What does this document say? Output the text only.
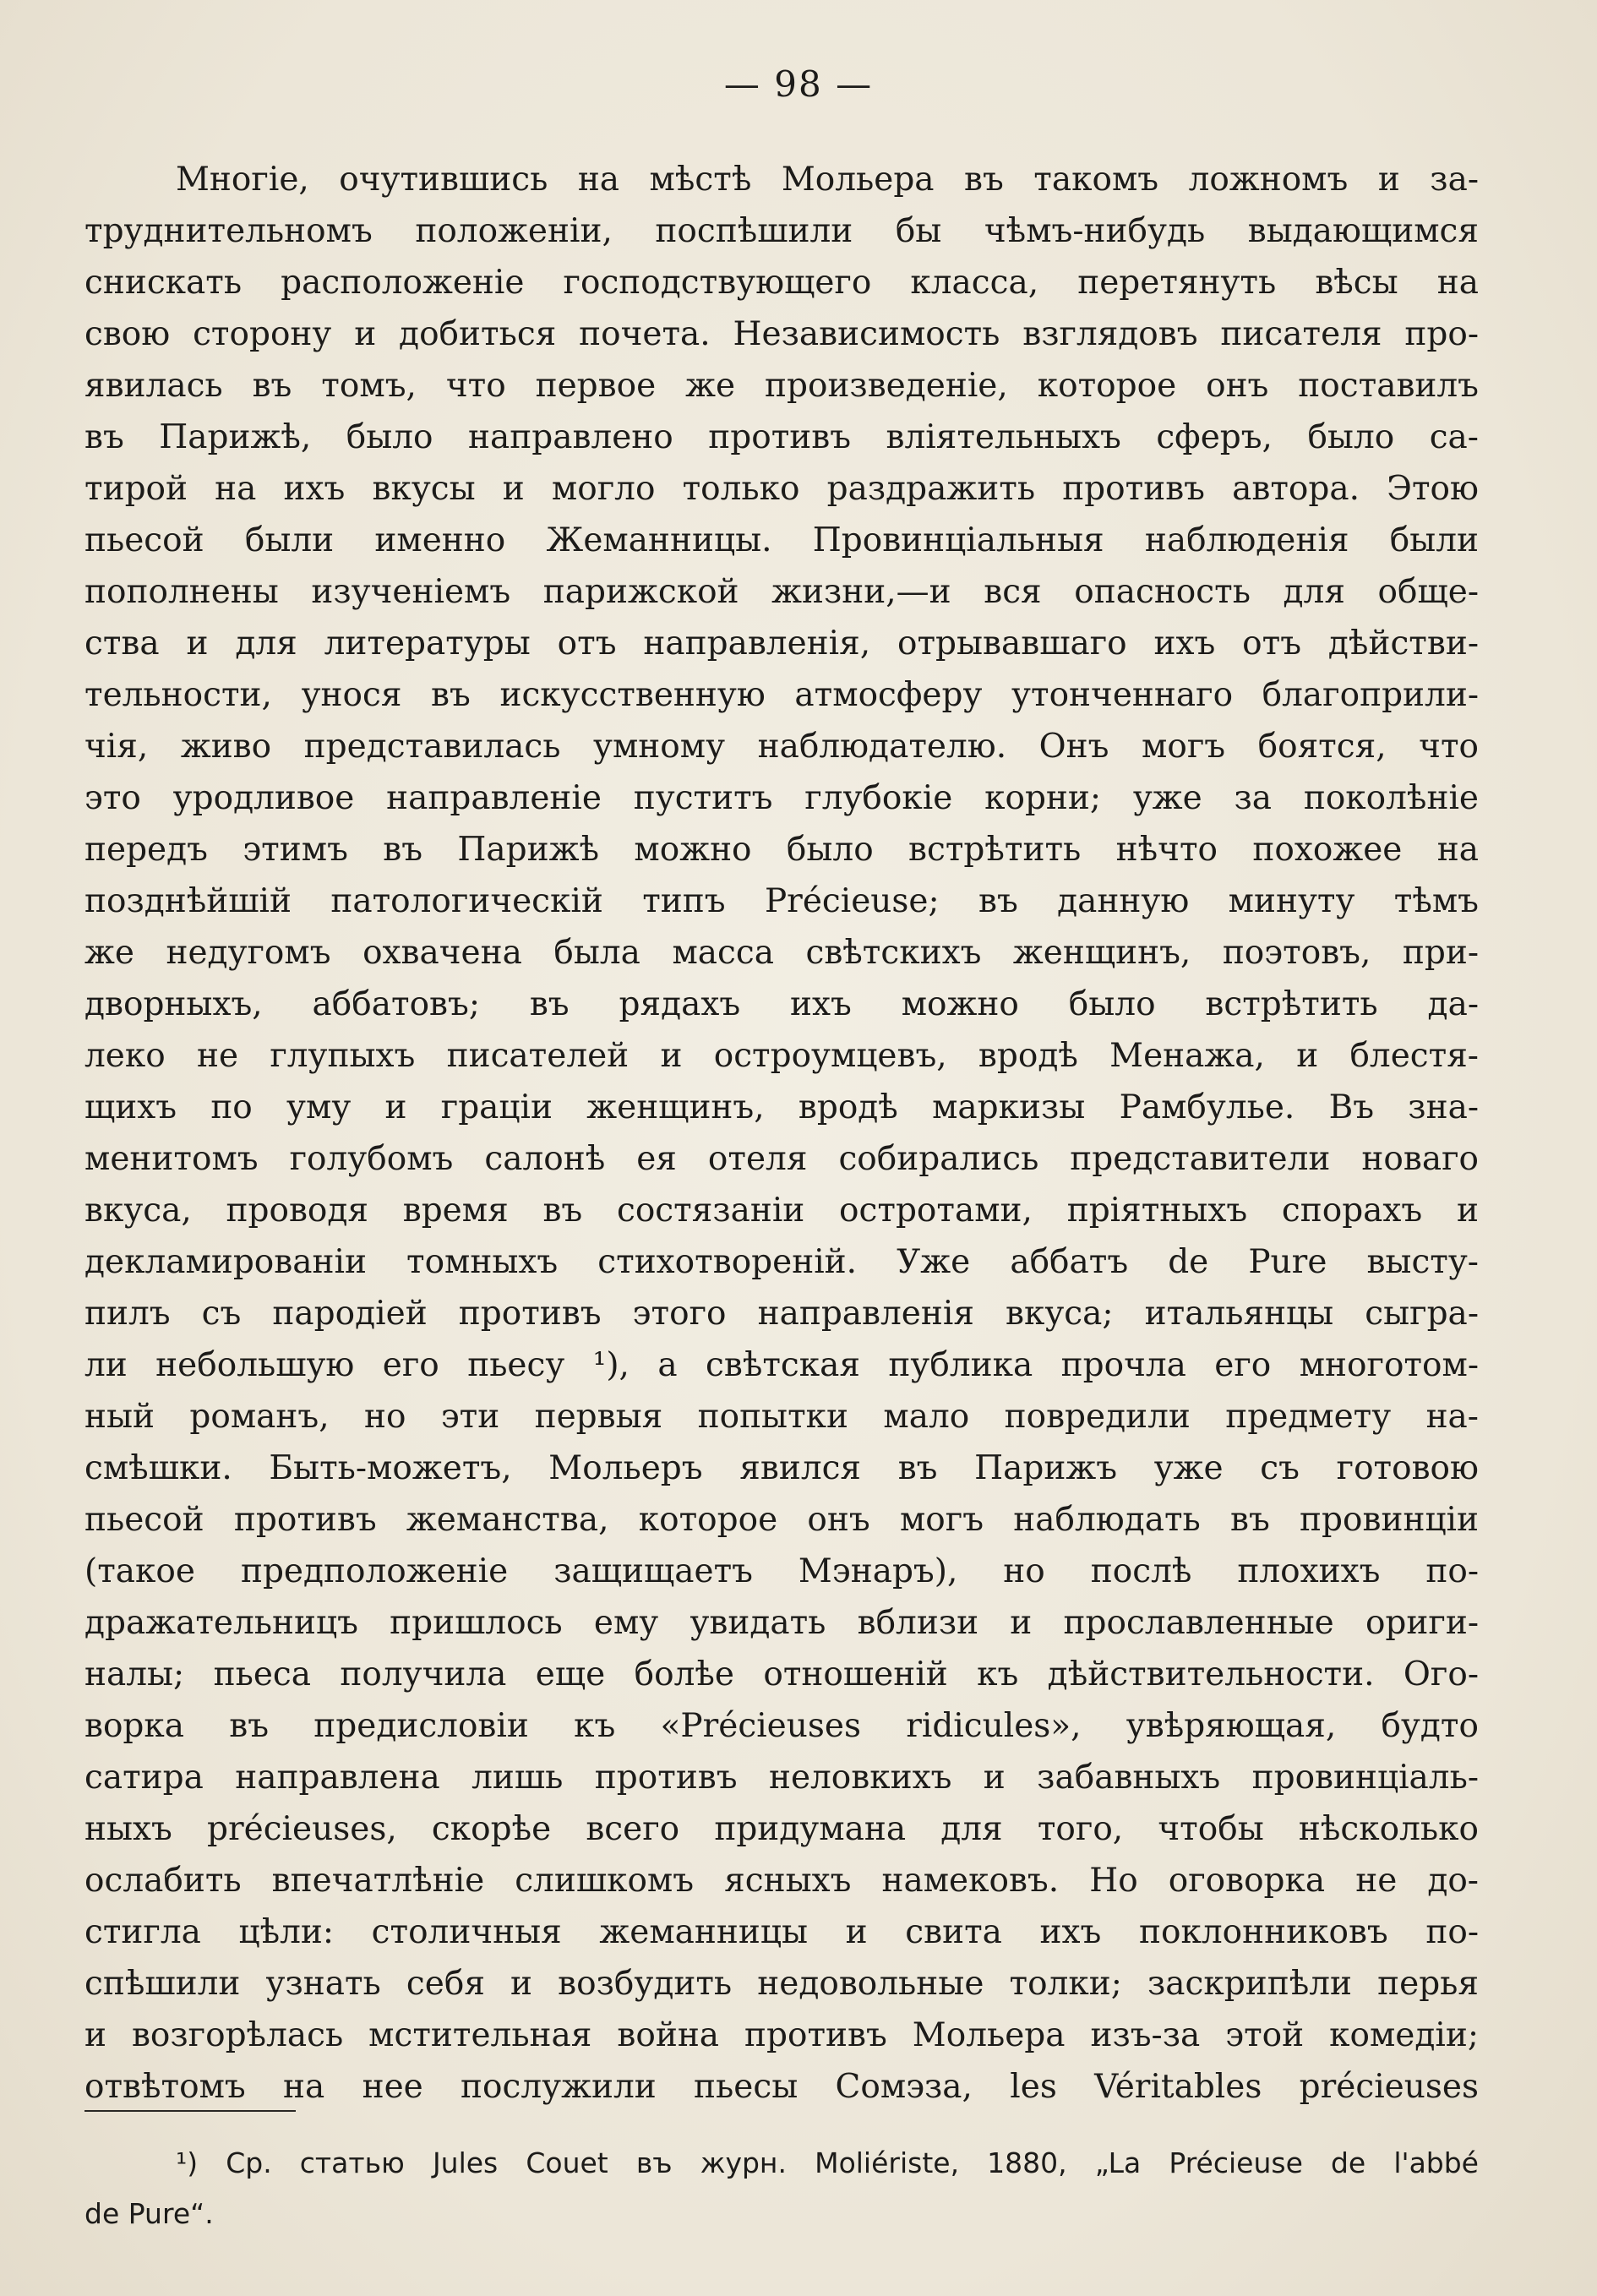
— 98 —
Многіе, очутившись на мѣстѣ Мольера въ такомъ ложномъ и за-
труднительномъ положеніи, поспѣшили бы чѣмъ-нибудь выдающимся
снискать расположеніе господствующего класса, перетянуть вѣсы на
свою сторону и добиться почета. Независимость взглядовъ писателя про-
явилась въ томъ, что первое же произведеніе, которое онъ поставилъ
въ Парижѣ, было направлено противъ вліятельныхъ сферъ, было са-
тирой на ихъ вкусы и могло только раздражить противъ автора. Этою
пьесой были именно Жеманницы. Провинціальныя наблюденія были
пополнены изученіемъ парижской жизни,—и вся опасность для обще-
ства и для литературы отъ направленія, отрывавшаго ихъ отъ дѣйстви-
тельности, унося въ искусственную атмосферу утонченнаго благоприли-
чія, живо представилась умному наблюдателю. Онъ могъ боятся, что
это уродливое направленіе пуститъ глубокіе корни; уже за поколѣніе
передъ этимъ въ Парижѣ можно было встрѣтить нѣчто похожее на
позднѣйшій патологическій типъ Précieuse; въ данную минуту тѣмъ
же недугомъ охвачена была масса свѣтскихъ женщинъ, поэтовъ, при-
дворныхъ, аббатовъ; въ рядахъ ихъ можно было встрѣтить да-
леко не глупыхъ писателей и остроумцевъ, вродѣ Менажа, и блестя-
щихъ по уму и граціи женщинъ, вродѣ маркизы Рамбулье. Въ зна-
менитомъ голубомъ салонѣ ея отеля собирались представители новаго
вкуса, проводя время въ состязаніи остротами, пріятныхъ спорахъ и
декламированіи томныхъ стихотвореній. Уже аббатъ de Pure высту-
пилъ съ пародіей противъ этого направленія вкуса; итальянцы сыгра-
ли небольшую его пьесу ¹), а свѣтская публика прочла его многотом-
ный романъ, но эти первыя попытки мало повредили предмету на-
смѣшки. Быть-можетъ, Мольеръ явился въ Парижъ уже съ готовою
пьесой противъ жеманства, которое онъ могъ наблюдать въ провинціи
(такое предположеніе защищаетъ Мэнаръ), но послѣ плохихъ по-
дражательницъ пришлось ему увидать вблизи и прославленные ориги-
налы; пьеса получила еще болѣе отношеній къ дѣйствительности. Ого-
ворка въ предисловіи къ «Précieuses ridicules», увѣряющая, будто
сатира направлена лишь противъ неловкихъ и забавныхъ провинціаль-
ныхъ précieuses, скорѣе всего придумана для того, чтобы нѣсколько
ослабить впечатлѣніе слишкомъ ясныхъ намековъ. Но оговорка не до-
стигла цѣли: столичныя жеманницы и свита ихъ поклонниковъ по-
спѣшили узнать себя и возбудить недовольные толки; заскрипѣли перья
и возгорѣлась мстительная война противъ Мольера изъ-за этой комедіи;
отвѣтомъ на нее послужили пьесы Сомэза, les Véritables précieuses
¹) Ср. статью Jules Couet въ журн. Moliériste, 1880, „La Précieuse de l'abbé
de Pure“.
